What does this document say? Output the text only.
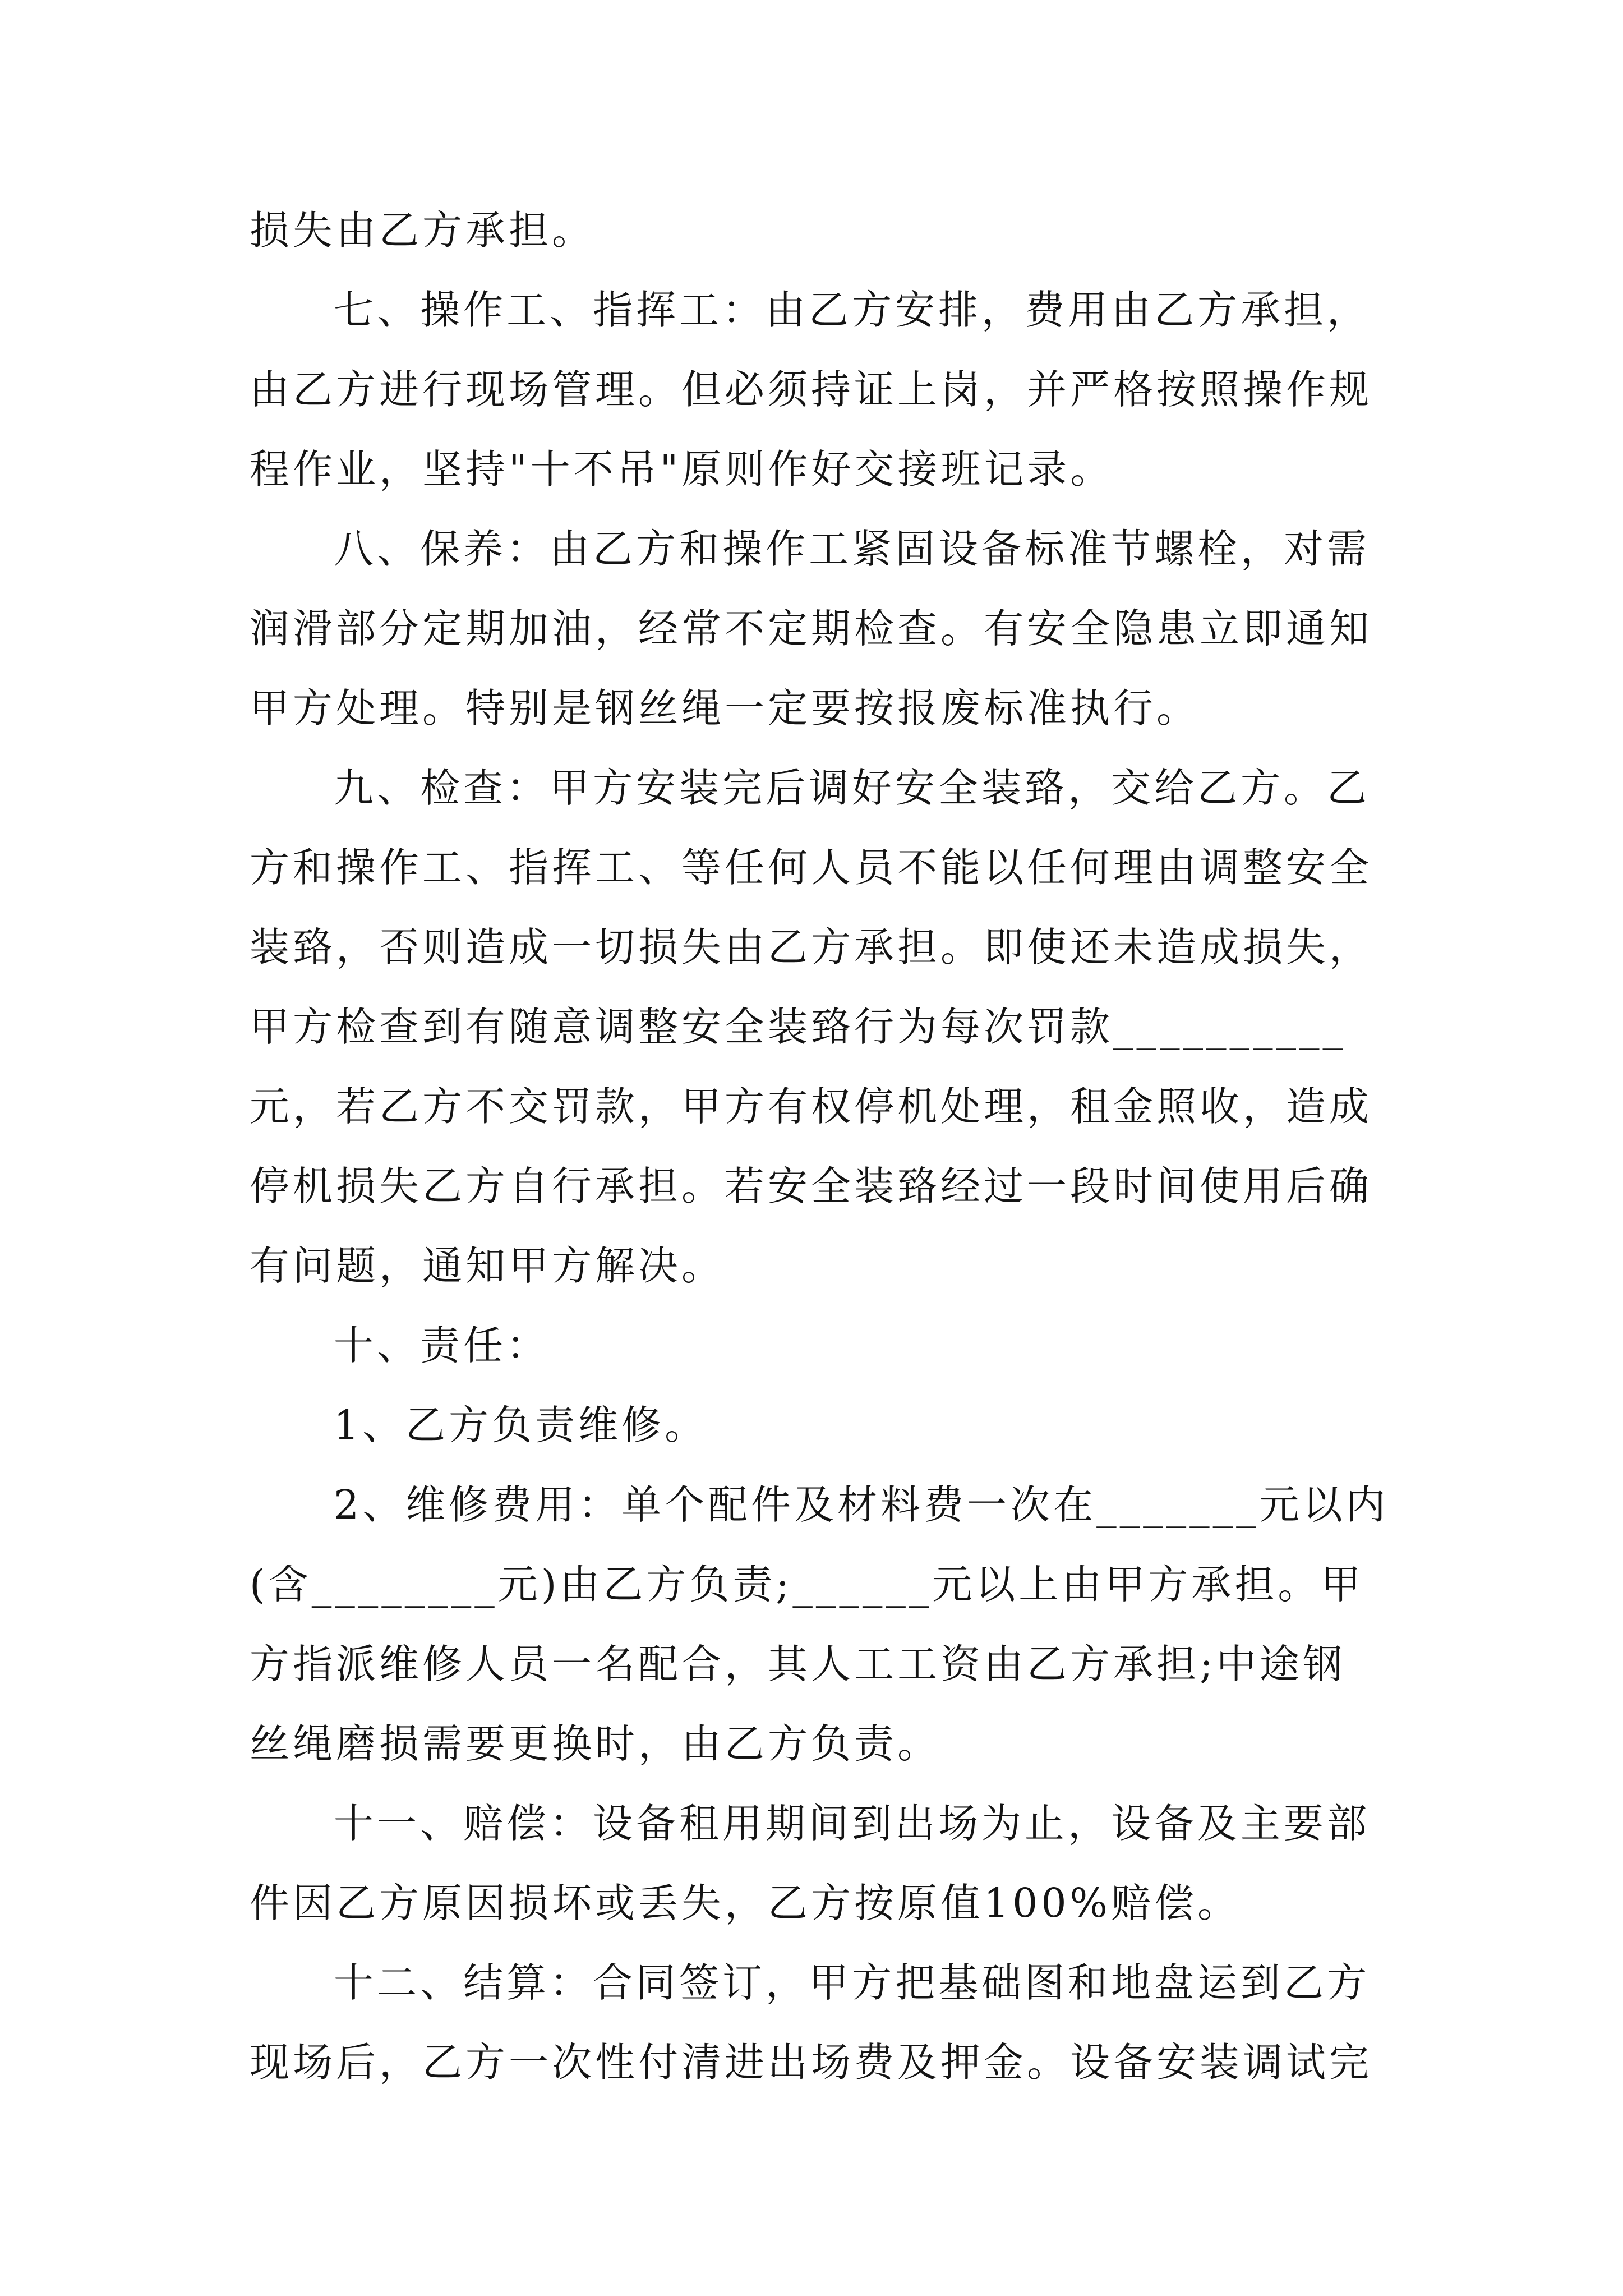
损失由乙方承担。
七、操作工、指挥工：由乙方安排，费用由乙方承担，
由乙方进行现场管理。但必须持证上岗，并严格按照操作规
程作业，坚持"十不吊"原则作好交接班记录。
八、保养：由乙方和操作工紧固设备标准节螺栓，对需
润滑部分定期加油，经常不定期检查。有安全隐患立即通知
甲方处理。特别是钢丝绳一定要按报废标准执行。
九、检查：甲方安装完后调好安全装臵，交给乙方。乙
方和操作工、指挥工、等任何人员不能以任何理由调整安全
装臵，否则造成一切损失由乙方承担。即使还未造成损失，
甲方检查到有随意调整安全装臵行为每次罚款__________
元，若乙方不交罚款，甲方有权停机处理，租金照收，造成
停机损失乙方自行承担。若安全装臵经过一段时间使用后确
有问题，通知甲方解决。
十、责任：
1、乙方负责维修。
2、维修费用：单个配件及材料费一次在_______元以内
(含________元)由乙方负责;______元以上由甲方承担。甲
方指派维修人员一名配合，其人工工资由乙方承担;中途钢
丝绳磨损需要更换时，由乙方负责。
十一、赔偿：设备租用期间到出场为止，设备及主要部
件因乙方原因损坏或丢失，乙方按原值100%赔偿。
十二、结算：合同签订，甲方把基础图和地盘运到乙方
现场后，乙方一次性付清进出场费及押金。设备安装调试完
